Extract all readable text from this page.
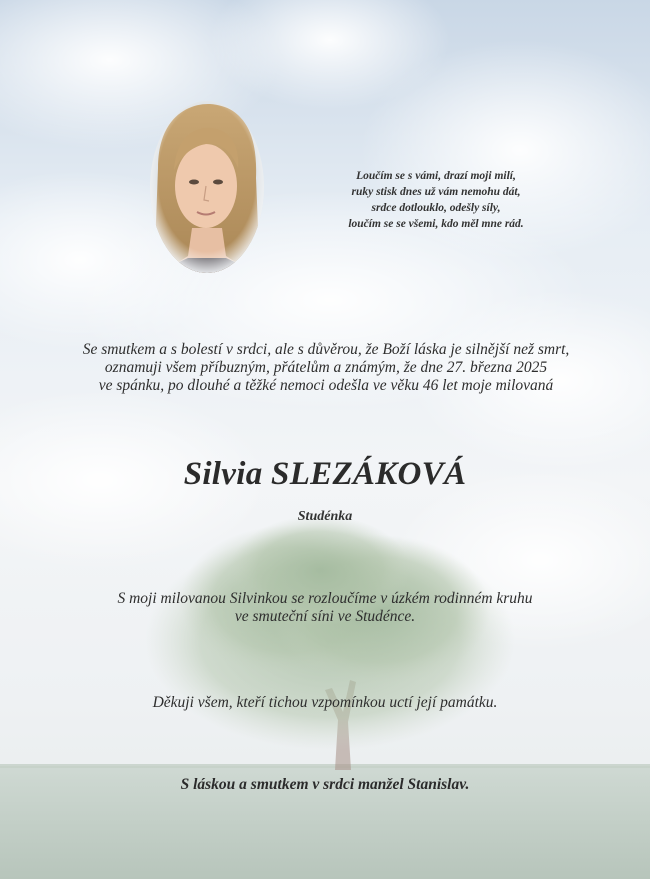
Loučím se s vámi, drazí moji milí,
ruky stisk dnes už vám nemohu dát,
srdce dotlouklo, odešly síly,
loučím se se všemi, kdo měl mne rád.
Se smutkem a s bolestí v srdci, ale s důvěrou, že Boží láska je silnější než smrt,
oznamuji všem příbuzným, přátelům a známým, že dne 27. března 2025
ve spánku, po dlouhé a těžké nemoci odešla ve věku 46 let moje milovaná
Silvia SLEZÁKOVÁ
Studénka
S moji milovanou Silvinkou se rozloučíme v úzkém rodinném kruhu
ve smuteční síni ve Studénce.
Děkuji všem, kteří tichou vzpomínkou uctí její památku.
S láskou a smutkem v srdci manžel Stanislav.
